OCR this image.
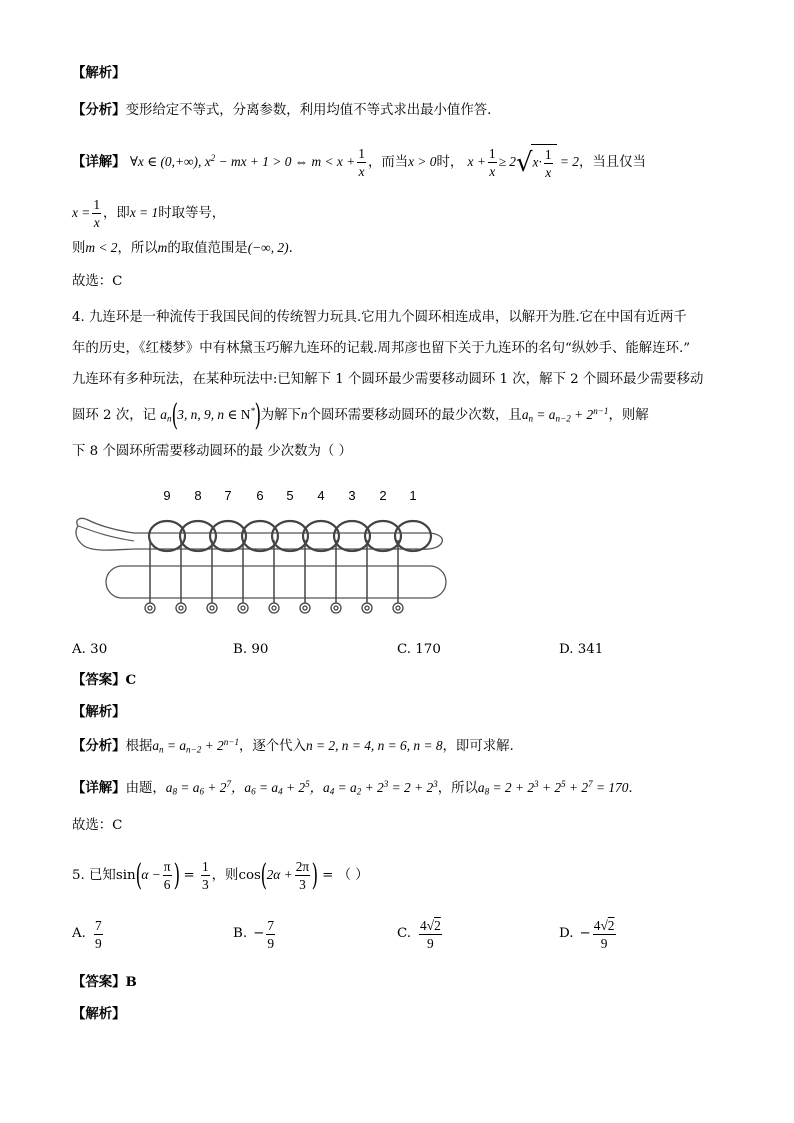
【解析】
【分析】变形给定不等式，分离参数，利用均值不等式求出最小值作答.
【详解】 ∀x ∈ (0,+∞), $x^2$ − mx + 1 > 0 ⇔ $m < x + \frac{1}{x}$ ，而当x > 0时， $x + \frac{1}{x} \ge 2√x\cdot \frac{1}{x} = 2$，当且仅当
$x = \frac{1}{x}$ ，即x = 1时取等号，
则m < 2，所以m的取值范围是(−∞, 2).
故选：C
4. 九连环是一种流传于我国民间的传统智力玩具.它用九个圆环相连成串，以解开为胜.它在中国有近两千
年的历史，《红楼梦》中有林黛玉巧解九连环的记载.周邦彦也留下关于九连环的名句“纵妙手、能解连环.”
九连环有多种玩法，在某种玩法中:已知解下 1 个圆环最少需要移动圆环 1 次，解下 2 个圆环最少需要移动
圆环 2 次，记 $a_n(3$, n, 9, n ∈ N*)为解下n个圆环需要移动圆环的最少次数，且$a_n = a_{n-2} + 2^{n-1}$，则解
下 8 个圆环所需要移动圆环的最 少次数为（ ）
9 8 7 6 5 4 3 2 1
A. 30	B. 90	C. 170	D. 341
【答案】C
【解析】
【分析】根据$a_n = a_{n-2} + 2^{n-1}$，逐个代入n = 2, n = 4, n = 6, n = 8，即可求解.
【详解】由题，$a_8 = a_6 + 2^7$，$a_6 = a_4 + 2^5$，$a_4 = a_2 + 2^3 = 2 + 2^3$，所以$a_8 = 2 + 2^3 + 2^5 + 2^7 = 170$.
故选：C
5. 已知$\sin(\alpha - \frac{\pi}{6}$ ) = $\frac{1}{3}$ ，则$\cos(2\alpha + \frac{2\pi}{3}$ ) = （ ）
A. $\frac{7}{9}$	B. − $\frac{7}{9}$	C. $\frac{4√2}{9}$	D. − $\frac{4√2}{9}$
【答案】B
【解析】
